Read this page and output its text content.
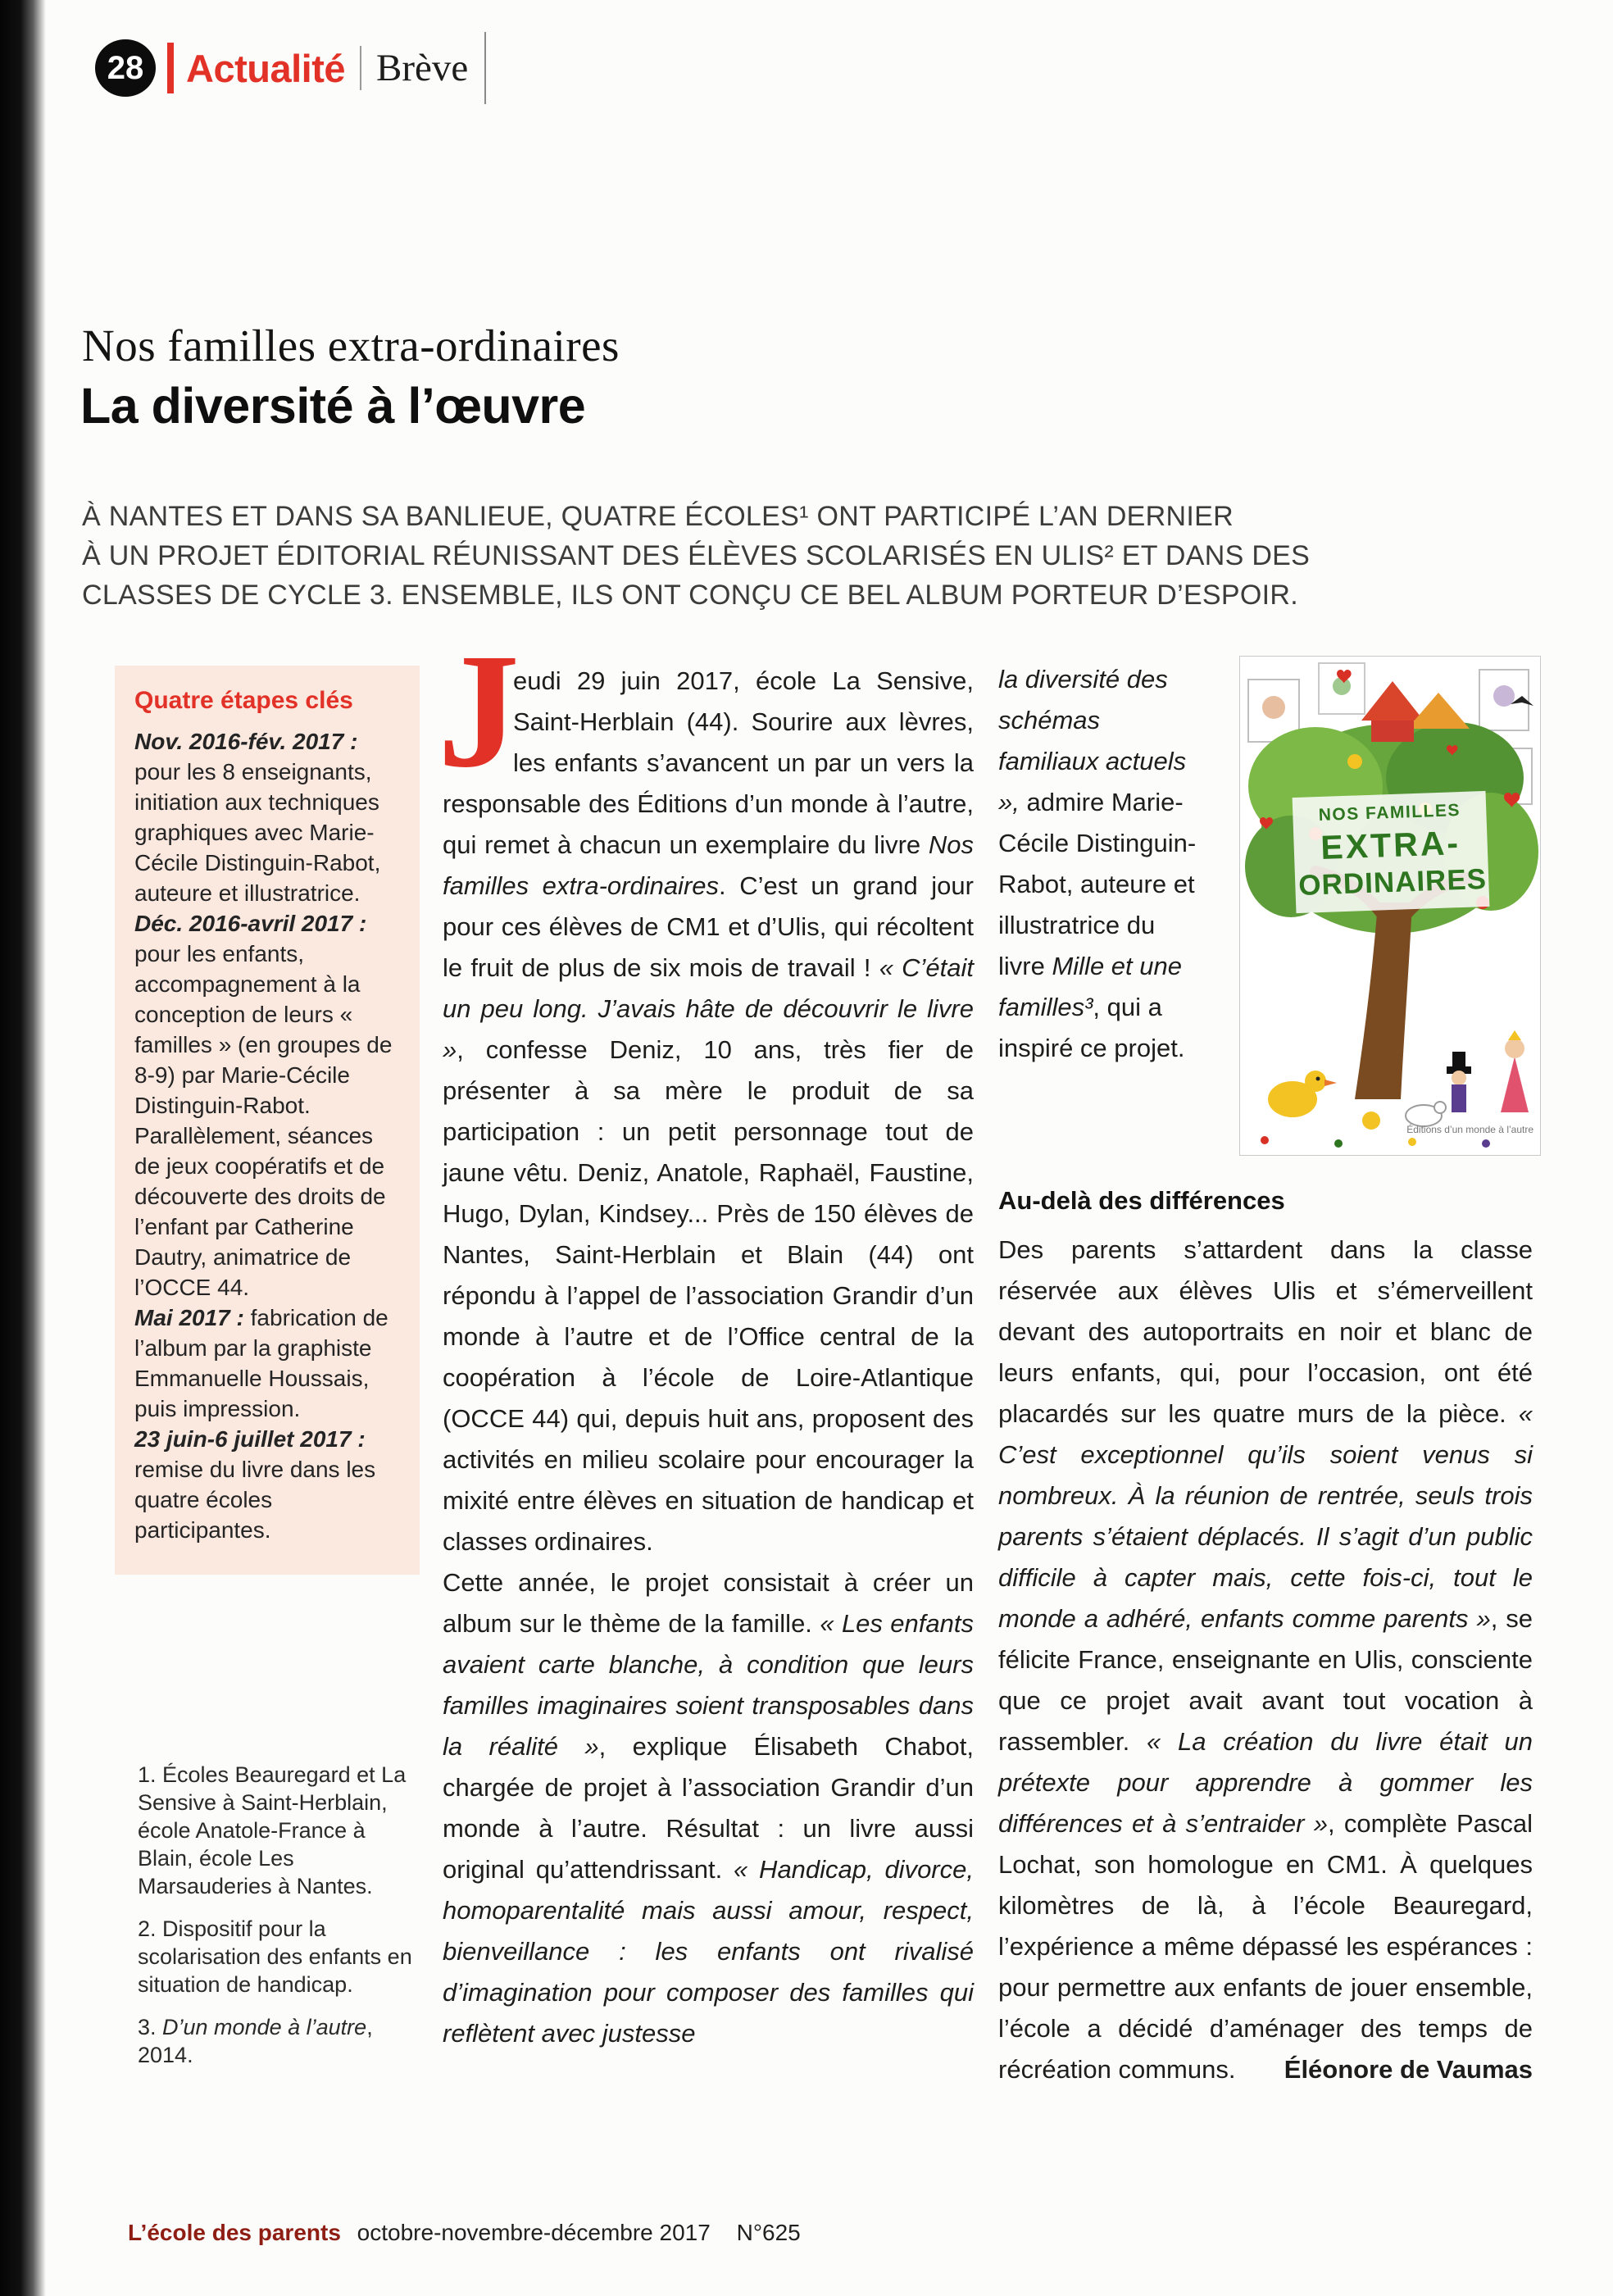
28 Actualité Brève
Nos familles extra-ordinaires
La diversité à l’œuvre
À NANTES ET DANS SA BANLIEUE, QUATRE ÉCOLES¹ ONT PARTICIPÉ L’AN DERNIER
À UN PROJET ÉDITORIAL RÉUNISSANT DES ÉLÈVES SCOLARISÉS EN ULIS² ET DANS DES
CLASSES DE CYCLE 3. ENSEMBLE, ILS ONT CONÇU CE BEL ALBUM PORTEUR D’ESPOIR.
Quatre étapes clés

Nov. 2016-fév. 2017 : pour les 8 enseignants, initiation aux techniques graphiques avec Marie-Cécile Distinguin-Rabot, auteure et illustratrice.

Déc. 2016-avril 2017 : pour les enfants, accompagnement à la conception de leurs « familles » (en groupes de 8-9) par Marie-Cécile Distinguin-Rabot. Parallèlement, séances de jeux coopératifs et de découverte des droits de l’enfant par Catherine Dautry, animatrice de l’OCCE 44.

Mai 2017 : fabrication de l’album par la graphiste Emmanuelle Houssais, puis impression.

23 juin-6 juillet 2017 : remise du livre dans les quatre écoles participantes.

1. Écoles Beauregard et La Sensive à Saint-Herblain, école Anatole-France à Blain, école Les Marsauderies à Nantes.

2. Dispositif pour la scolarisation des enfants en situation de handicap.

3. D’un monde à l’autre, 2014.

J
eudi 29 juin 2017, école La Sensive, Saint-Herblain (44). Sourire aux lèvres, les enfants s’avancent un par un vers la responsable des Éditions d’un monde à l’autre, qui remet à chacun un exemplaire du livre Nos familles extra-ordinaires. C’est un grand jour pour ces élèves de CM1 et d’Ulis, qui récoltent le fruit de plus de six mois de travail ! « C’était un peu long. J’avais hâte de découvrir le livre », confesse Deniz, 10 ans, très fier de présenter à sa mère le produit de sa participation : un petit personnage tout de jaune vêtu. Deniz, Anatole, Raphaël, Faustine, Hugo, Dylan, Kindsey... Près de 150 élèves de Nantes, Saint-Herblain et Blain (44) ont répondu à l’appel de l’association Grandir d’un monde à l’autre et de l’Office central de la coopération à l’école de Loire-Atlantique (OCCE 44) qui, depuis huit ans, proposent des activités en milieu scolaire pour encourager la mixité entre élèves en situation de handicap et classes ordinaires.

Cette année, le projet consistait à créer un album sur le thème de la famille. « Les enfants avaient carte blanche, à condition que leurs familles imaginaires soient transposables dans la réalité », explique Élisabeth Chabot, chargée de projet à l’association Grandir d’un monde à l’autre. Résultat : un livre aussi original qu’attendrissant. « Handicap, divorce, homoparentalité mais aussi amour, respect, bienveillance : les enfants ont rivalisé d’imagination pour composer des familles qui reflètent avec justesse

la diversité des schémas familiaux actuels », admire Marie-Cécile Distinguin-Rabot, auteure et illustratrice du livre Mille et une familles³, qui a inspiré ce projet.
NOS FAMILLES
EXTRA-
ORDINAIRES
Éditions d’un monde à l’autre
Au-delà des différences

Des parents s’attardent dans la classe réservée aux élèves Ulis et s’émerveillent devant des autoportraits en noir et blanc de leurs enfants, qui, pour l’occasion, ont été placardés sur les quatre murs de la pièce. « C’est exceptionnel qu’ils soient venus si nombreux. À la réunion de rentrée, seuls trois parents s’étaient déplacés. Il s’agit d’un public difficile à capter mais, cette fois-ci, tout le monde a adhéré, enfants comme parents », se félicite France, enseignante en Ulis, consciente que ce projet avait avant tout vocation à rassembler. « La création du livre était un prétexte pour apprendre à gommer les différences et à s’entraider », complète Pascal Lochat, son homologue en CM1. À quelques kilomètres de là, à l’école Beauregard, l’expérience a même dépassé les espérances : pour permettre aux enfants de jouer ensemble, l’école a décidé d’aménager des temps de récréation communs.	Éléonore de Vaumas
L’école des parents octobre-novembre-décembre 2017 N°625
